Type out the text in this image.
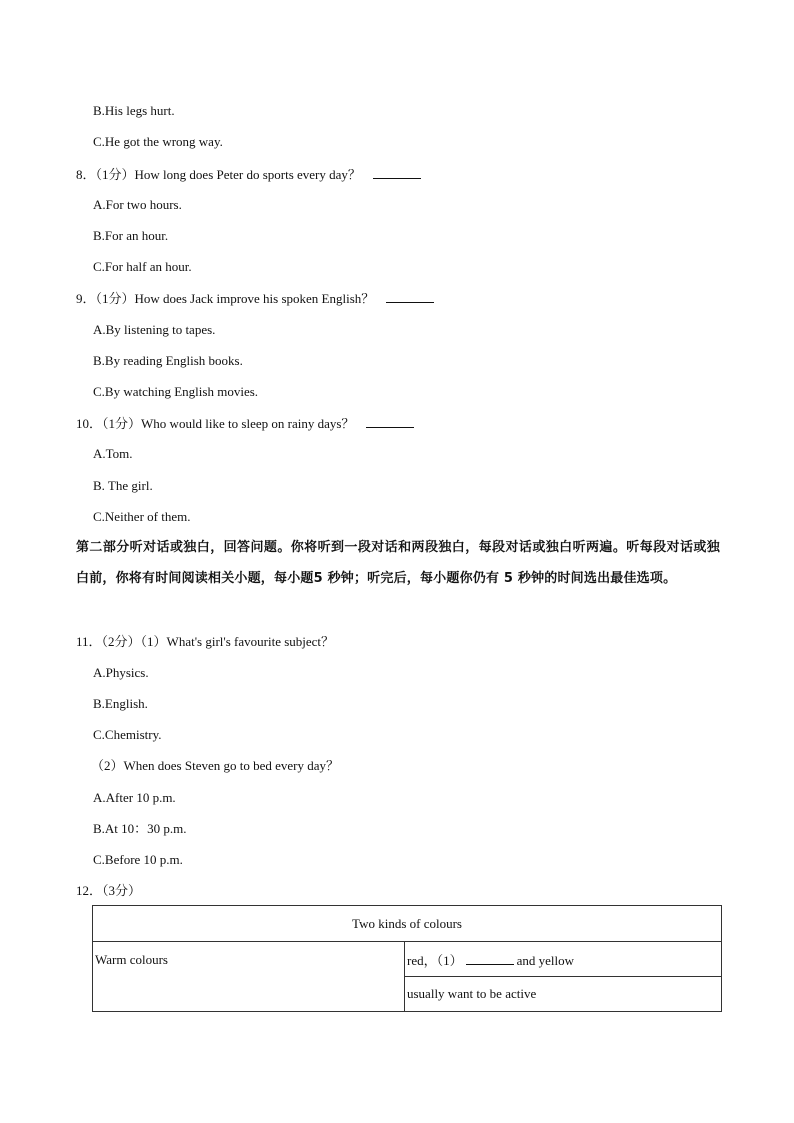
B.His legs hurt.
C.He got the wrong way.
8．（1分）How long does Peter do sports every day？
A.For two hours.
B.For an hour.
C.For half an hour.
9．（1分）How does Jack improve his spoken English？
A.By listening to tapes.
B.By reading English books.
C.By watching English movies.
10．（1分）Who would like to sleep on rainy days？
A.Tom.
B. The girl.
C.Neither of them.
第二部分听对话或独白，回答问题。你将听到一段对话和两段独白，每段对话或独白听两遍。听每段对话或独白前，你将有时间阅读相关小题，每小题5 秒钟；听完后，每小题你仍有 5 秒钟的时间选出最佳选项。
11．（2分）（1）What's girl's favourite subject？
A.Physics.
B.English.
C.Chemistry.
（2）When does Steven go to bed every day？
A.After 10 p.m.
B.At 10：30 p.m.
C.Before 10 p.m.
12．（3分）
Two kinds of colours
Warm colours	red，（1）	and yellow
usually want to be active
